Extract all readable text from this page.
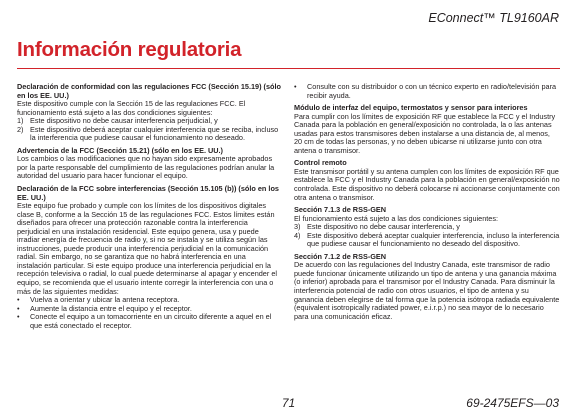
EConnect™ TL9160AR
Información regulatoria
Declaración de conformidad con las regulaciones FCC (Sección 15.19) (sólo en los EE. UU.)

Este dispositivo cumple con la Sección 15 de las regulaciones FCC. El funcionamiento está sujeto a las dos condiciones siguientes:

1) Este dispositivo no debe causar interferencia perjudicial, y
2) Este dispositivo deberá aceptar cualquier interferencia que se reciba, incluso la interferencia que pudiese causar el funcionamiento no deseado.
Advertencia de la FCC (Sección 15.21) (sólo en los EE. UU.)

Los cambios o las modificaciones que no hayan sido expresamente aprobados por la parte responsable del cumplimiento de las regulaciones podrían anular la autoridad del usuario para hacer funcionar el equipo.

Declaración de la FCC sobre interferencias (Sección 15.105 (b)) (sólo en los EE. UU.)

Este equipo fue probado y cumple con los límites de los dispositivos digitales clase B, conforme a la Sección 15 de las regulaciones FCC. Estos límites están diseñados para ofrecer una protección razonable contra la interferencia perjudicial en una instalación residencial. Este equipo genera, usa y puede irradiar energía de frecuencia de radio y, si no se instala y se utiliza según las instrucciones, puede producir una interferencia perjudicial en la comunicación radial. Sin embargo, no se garantiza que no habrá interferencia en una instalación particular. Si este equipo produce una interferencia perjudicial en la recepción televisiva o radial, lo cual puede determinarse al apagar y encender el equipo, se recomienda que el usuario intente corregir la interferencia con una o más de las siguientes medidas:

• Vuelva a orientar y ubicar la antena receptora.
• Aumente la distancia entre el equipo y el receptor.
• Conecte el equipo a un tomacorriente en un circuito diferente a aquel en el que está conectado el receptor.
• Consulte con su distribuidor o con un técnico experto en radio/televisión para recibir ayuda.
Módulo de interfaz del equipo, termostatos y sensor para interiores

Para cumplir con los límites de exposición RF que establece la FCC y el Industry Canada para la población en general/exposición no controlada, la o las antenas usadas para estos transmisores deben instalarse a una distancia de, al menos, 20 cm de todas las personas, y no deben ubicarse ni utilizarse junto con otra antena o transmisor.

Control remoto

Este transmisor portátil y su antena cumplen con los límites de exposición RF que establece la FCC y el Industry Canada para la población en general/exposición no controlada. Este dispositivo no deberá colocarse ni accionarse conjuntamente con otra antena o transmisor.

Sección 7.1.3 de RSS-GEN

El funcionamiento está sujeto a las dos condiciones siguientes:

3) Este dispositivo no debe causar interferencia, y
4) Este dispositivo deberá aceptar cualquier interferencia, incluso la interferencia que pudiese causar el funcionamiento no deseado del dispositivo.
Sección 7.1.2 de RSS-GEN

De acuerdo con las regulaciones del Industry Canada, este transmisor de radio puede funcionar únicamente utilizando un tipo de antena y una ganancia máxima (o inferior) aprobada para el transmisor por el Industry Canada. Para disminuir la interferencia potencial de radio con otros usuarios, el tipo de antena y su ganancia deben elegirse de tal forma que la potencia isótropa radiada equivalente (equivalent isotropically radiated power, e.i.r.p.) no sea mayor de lo necesario para una comunicación eficaz.

71	69-2475EFS—03
